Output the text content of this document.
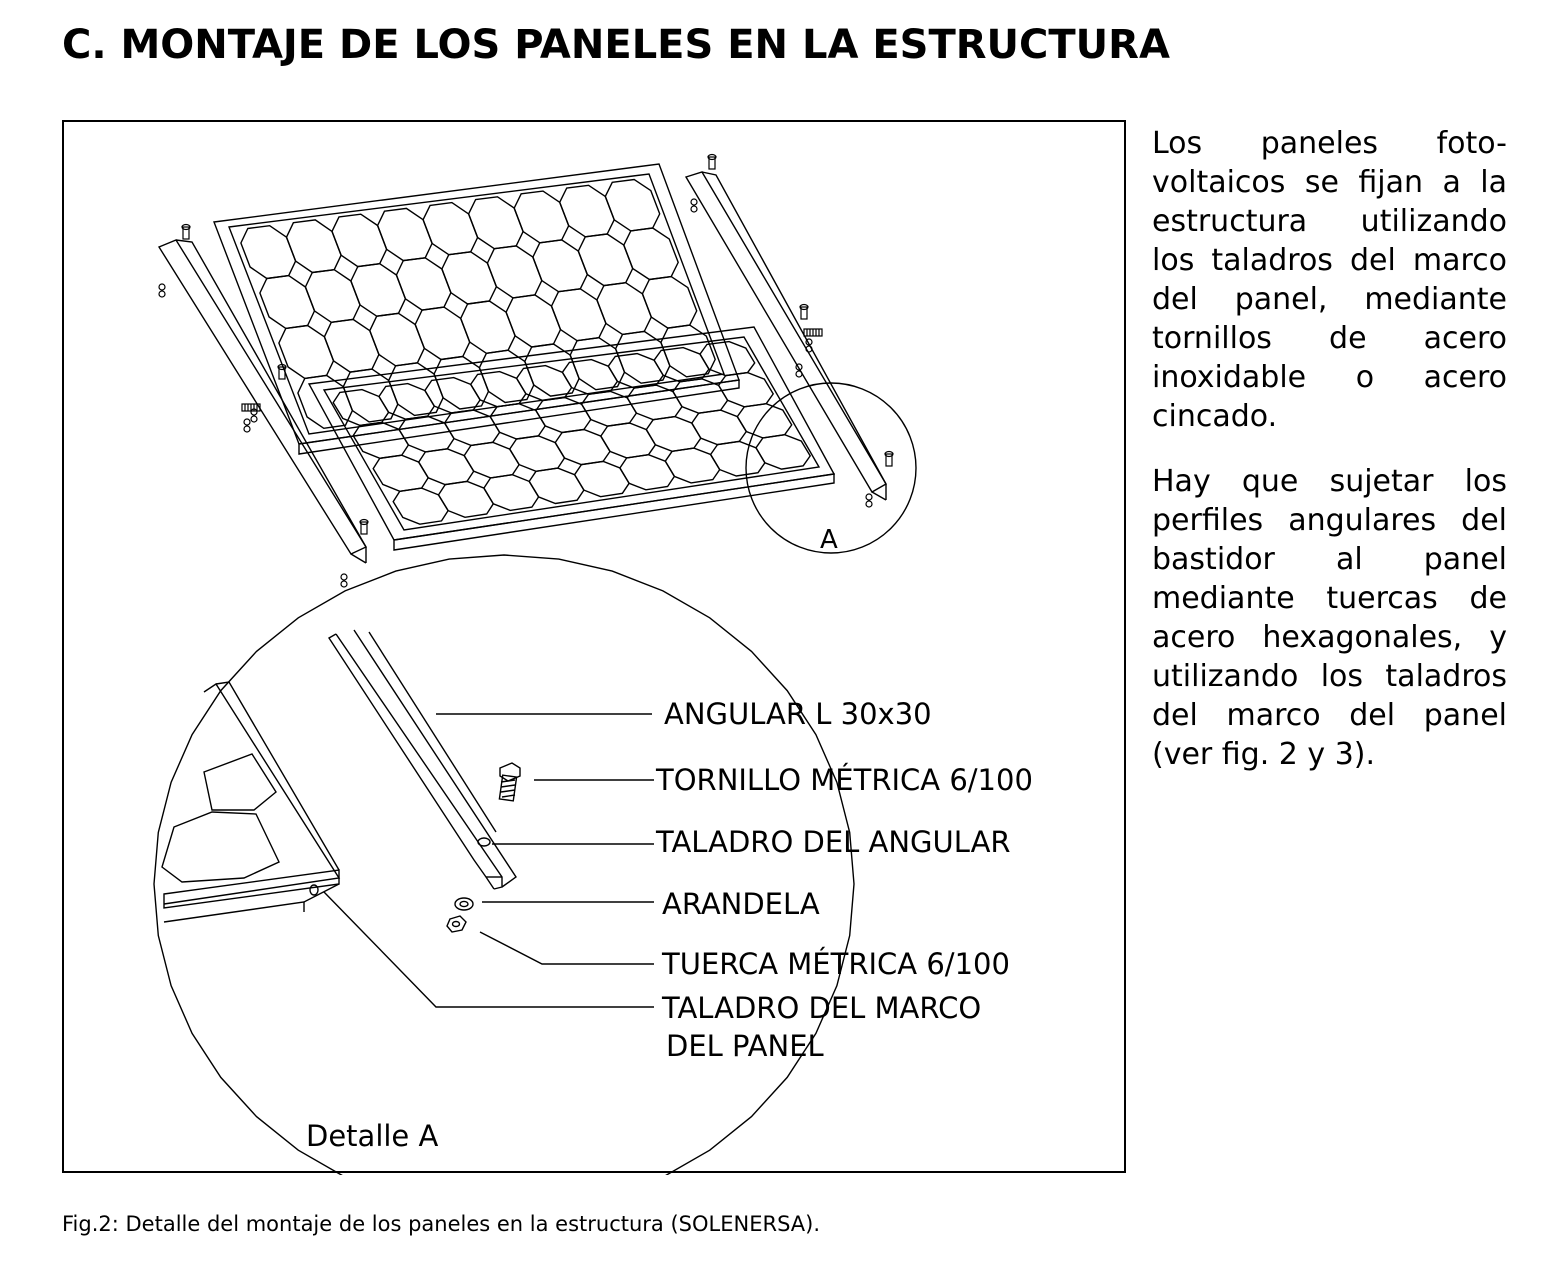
C. MONTAJE DE LOS PANELES EN LA ESTRUCTURA
A
ANGULAR L 30x30
TORNILLO MÉTRICA 6/100
TALADRO DEL ANGULAR
ARANDELA
TUERCA MÉTRICA 6/100
TALADRO DEL MARCO
DEL PANEL
Detalle A

Los paneles foto-voltaicos se fijan a la estructura utilizando los taladros del marco del panel, mediante tornillos de acero inoxidable o acero cincado.

Hay que sujetar los perfiles angulares del bastidor al panel mediante tuercas de acero hexagonales, y utilizando los taladros del marco del panel (ver fig. 2 y 3).

Fig.2: Detalle del montaje de los paneles en la estructura (SOLENERSA).
